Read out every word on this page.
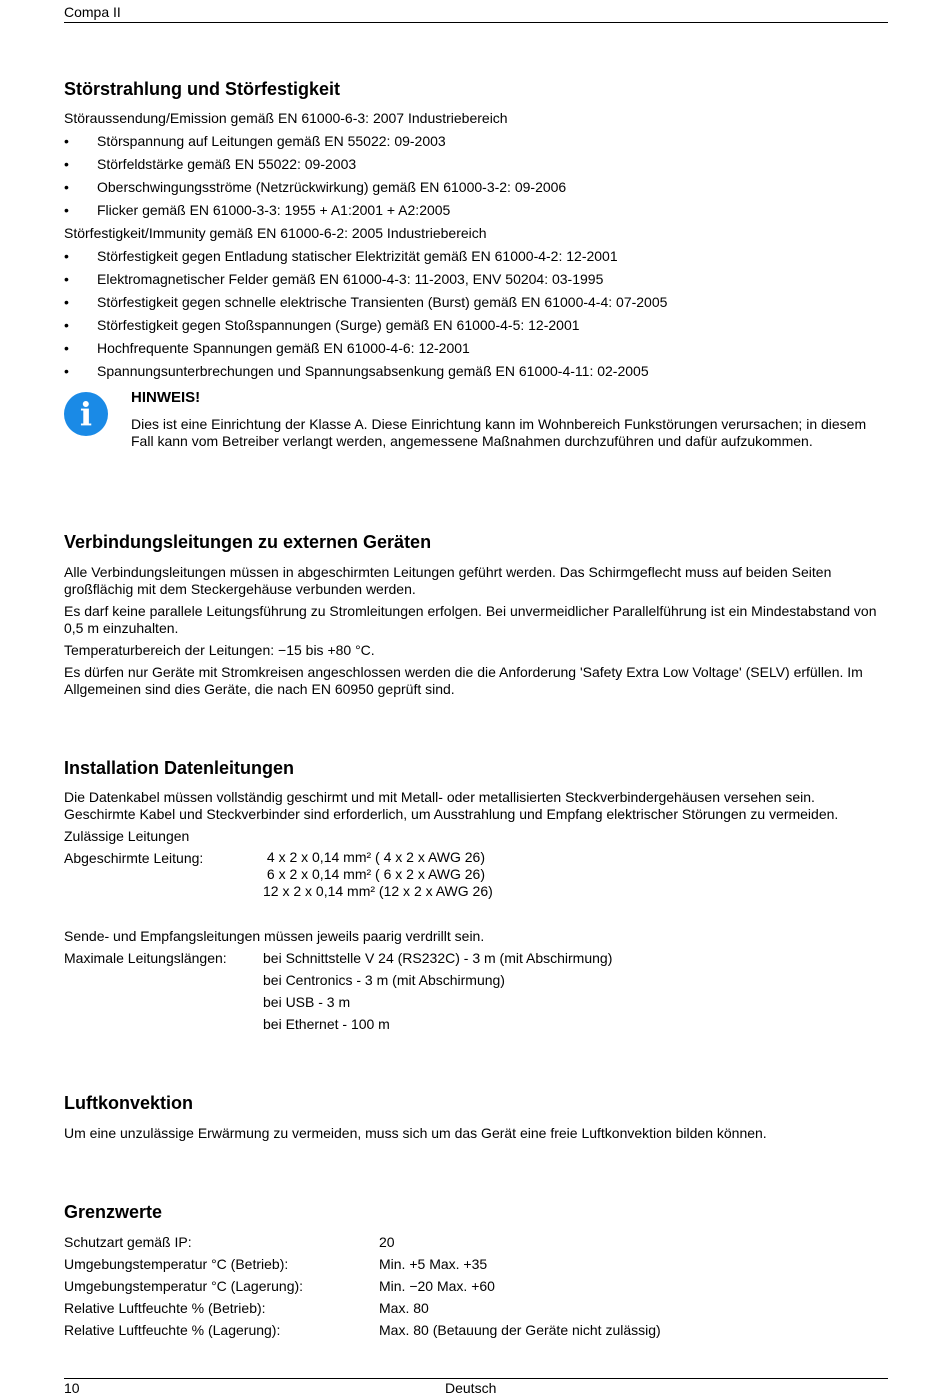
Compa II
Störstrahlung und Störfestigkeit
Störaussendung/Emission gemäß EN 61000-6-3: 2007 Industriebereich
• Störspannung auf Leitungen gemäß EN 55022: 09-2003
• Störfeldstärke gemäß EN 55022: 09-2003
• Oberschwingungsströme (Netzrückwirkung) gemäß EN 61000-3-2: 09-2006
• Flicker gemäß EN 61000-3-3: 1955 + A1:2001 + A2:2005
Störfestigkeit/Immunity gemäß EN 61000-6-2: 2005 Industriebereich
• Störfestigkeit gegen Entladung statischer Elektrizität gemäß EN 61000-4-2: 12-2001
• Elektromagnetischer Felder gemäß EN 61000-4-3: 11-2003, ENV 50204: 03-1995
• Störfestigkeit gegen schnelle elektrische Transienten (Burst) gemäß EN 61000-4-4: 07-2005
• Störfestigkeit gegen Stoßspannungen (Surge) gemäß EN 61000-4-5: 12-2001
• Hochfrequente Spannungen gemäß EN 61000-4-6: 12-2001
• Spannungsunterbrechungen und Spannungsabsenkung gemäß EN 61000-4-11: 02-2005
i	HINWEIS!

Dies ist eine Einrichtung der Klasse A. Diese Einrichtung kann im Wohnbereich Funkstörungen verursachen; in diesem Fall kann vom Betreiber verlangt werden, angemessene Maßnahmen durchzuführen und dafür aufzukommen.

Verbindungsleitungen zu externen Geräten

Alle Verbindungsleitungen müssen in abgeschirmten Leitungen geführt werden. Das Schirmgeflecht muss auf beiden Seiten großflächig mit dem Steckergehäuse verbunden werden.

Es darf keine parallele Leitungsführung zu Stromleitungen erfolgen. Bei unvermeidlicher Parallelführung ist ein Mindestabstand von 0,5 m einzuhalten.

Temperaturbereich der Leitungen: −15 bis +80 °C.

Es dürfen nur Geräte mit Stromkreisen angeschlossen werden die die Anforderung 'Safety Extra Low Voltage' (SELV) erfüllen. Im Allgemeinen sind dies Geräte, die nach EN 60950 geprüft sind.

Installation Datenleitungen

Die Datenkabel müssen vollständig geschirmt und mit Metall- oder metallisierten Steckverbindergehäusen versehen sein. Geschirmte Kabel und Steckverbinder sind erforderlich, um Ausstrahlung und Empfang elektrischer Störungen zu vermeiden.

Zulässige Leitungen
Abgeschirmte Leitung:	4 x 2 x 0,14 mm² ( 4 x 2 x AWG 26)
6 x 2 x 0,14 mm² ( 6 x 2 x AWG 26)
12 x 2 x 0,14 mm² (12 x 2 x AWG 26)
Sende- und Empfangsleitungen müssen jeweils paarig verdrillt sein.
Maximale Leitungslängen:	bei Schnittstelle V 24 (RS232C) - 3 m (mit Abschirmung)
bei Centronics - 3 m (mit Abschirmung)
bei USB - 3 m
bei Ethernet - 100 m
Luftkonvektion
Um eine unzulässige Erwärmung zu vermeiden, muss sich um das Gerät eine freie Luftkonvektion bilden können.
Grenzwerte
Schutzart gemäß IP:	20
Umgebungstemperatur °C (Betrieb):	Min. +5 Max. +35
Umgebungstemperatur °C (Lagerung):	Min. −20 Max. +60
Relative Luftfeuchte % (Betrieb):	Max. 80
Relative Luftfeuchte % (Lagerung):	Max. 80 (Betauung der Geräte nicht zulässig)
10	Deutsch
